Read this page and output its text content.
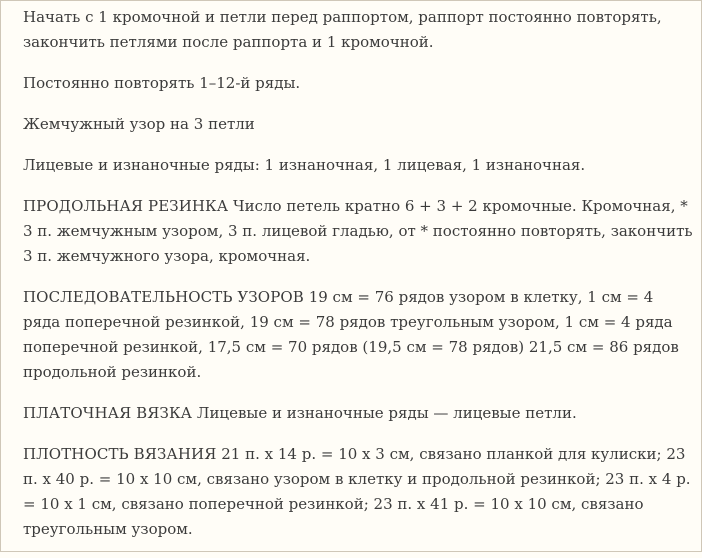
Начать с 1 кромочной и петли перед раппортом, раппорт постоянно повторять, закончить петлями после раппорта и 1 кромочной.

Постоянно повторять 1–12-й ряды.

Жемчужный узор на 3 петли

Лицевые и изнаночные ряды: 1 изнаночная, 1 лицевая, 1 изнаночная.

ПРОДОЛЬНАЯ РЕЗИНКА Число петель кратно 6 + 3 + 2 кромочные. Кромочная, * 3 п. жемчужным узором, 3 п. лицевой гладью, от * постоянно повторять, закончить 3 п. жемчужного узора, кромочная.

ПОСЛЕДОВАТЕЛЬНОСТЬ УЗОРОВ 19 см = 76 рядов узором в клетку, 1 см = 4 ряда поперечной резинкой, 19 см = 78 рядов треугольным узором, 1 см = 4 ряда поперечной резинкой, 17,5 см = 70 рядов (19,5 см = 78 рядов) 21,5 см = 86 рядов продольной резинкой.

ПЛАТОЧНАЯ ВЯЗКА Лицевые и изнаночные ряды — лицевые петли.

ПЛОТНОСТЬ ВЯЗАНИЯ 21 п. x 14 р. = 10 x 3 см, связано планкой для кулиски; 23 п. x 40 р. = 10 x 10 см, связано узором в клетку и продольной резинкой; 23 п. x 4 р. = 10 x 1 см, связано поперечной резинкой; 23 п. x 41 р. = 10 x 10 см, связано треугольным узором.
